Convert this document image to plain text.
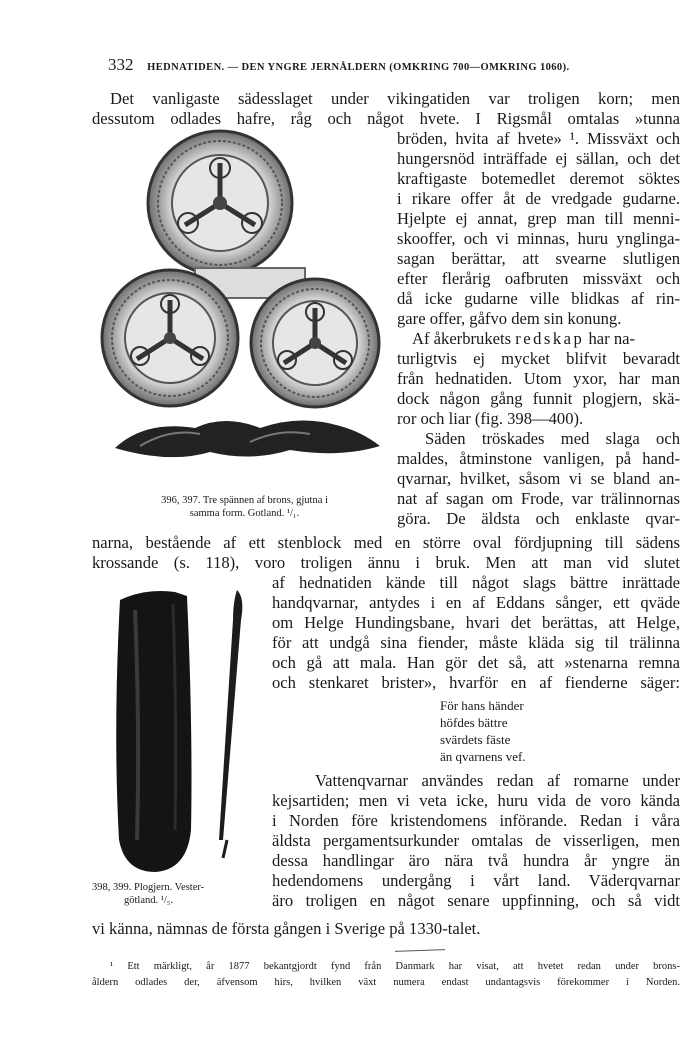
332 HEDNATIDEN. — DEN YNGRE JERNÅLDERN (OMKRING 700—OMKRING 1060).
Det vanligaste sädesslaget under vikingatiden var troligen korn; men
dessutom odlades hafre, råg och något hvete. I Rigsmål omtalas »tunna
bröden, hvita af hvete» ¹. Missväxt och
hungersnöd inträffade ej sällan, och det
kraftigaste botemedlet deremot söktes
i rikare offer åt de vredgade gudarne.
Hjelpte ej annat, grep man till menni-
skooffer, och vi minnas, huru ynglinga-
sagan berättar, att svearne slutligen
efter flerårig oafbruten missväxt och
då icke gudarne ville blidkas af rin-
gare offer, gåfvo dem sin konung.
Af åkerbrukets redskap har na-
turligtvis ej mycket blifvit bevaradt
från hednatiden. Utom yxor, har man
dock någon gång funnit plogjern, skä-
ror och liar (fig. 398—400).
Säden tröskades med slaga och
maldes, åtminstone vanligen, på hand-
qvarnar, hvilket, såsom vi se bland an-
nat af sagan om Frode, var trälinnornas
göra. De äldsta och enklaste qvar-
396, 397. Tre spännen af brons, gjutna i
samma form. Gotland. ¹/₁.
narna, bestående af ett stenblock med en större oval fördjupning till sädens
krossande (s. 118), voro troligen ännu i bruk. Men att man vid slutet
af hednatiden kände till något slags bättre inrättade
handqvarnar, antydes i en af Eddans sånger, ett qväde
om Helge Hundingsbane, hvari det berättas, att Helge,
för att undgå sina fiender, måste kläda sig til trälinna
och gå att mala. Han gör det så, att »stenarna remna
och stenkaret brister», hvarför en af fienderne säger:
För hans händer
höfdes bättre
svärdets fäste
än qvarnens vef.
Vattenqvarnar användes redan af romarne under
kejsartiden; men vi veta icke, huru vida de voro kända
i Norden före kristendomens införande. Redan i våra
äldsta pergamentsurkunder omtalas de visserligen, men
dessa handlingar äro nära två hundra år yngre än
hedendomens undergång i vårt land. Väderqvarnar
äro troligen en något senare uppfinning, och så vidt
398, 399. Plogjern. Vester-
götland. ¹/₅.
vi känna, nämnas de första gången i Sverige på 1330-talet.
¹ Ett märkligt, år 1877 bekantgjordt fynd från Danmark har visat, att hvetet redan under brons-
åldern odlades der, äfvensom hirs, hvilken växt numera endast undantagsvis förekommer i Norden.
